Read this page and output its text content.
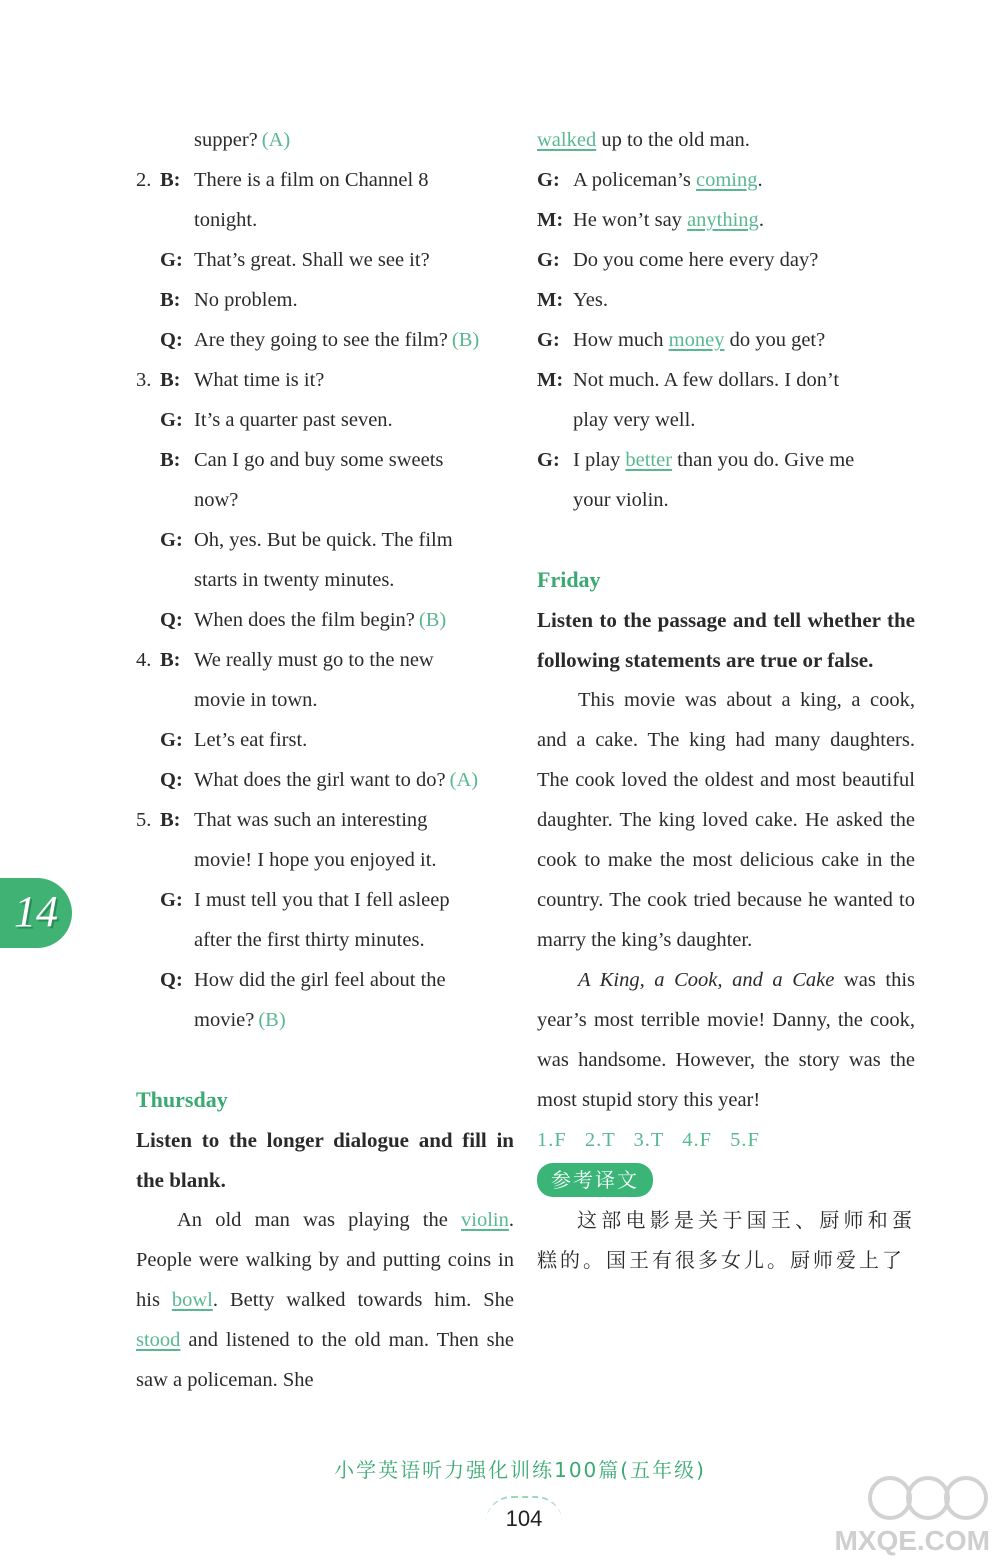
supper? (A)
2. B: There is a film on Channel 8
tonight.
G: That’s great. Shall we see it?
B: No problem.
Q: Are they going to see the film? (B)
3. B: What time is it?
G: It’s a quarter past seven.
B: Can I go and buy some sweets
now?
G: Oh, yes. But be quick. The film
starts in twenty minutes.
Q: When does the film begin? (B)
4. B: We really must go to the new
movie in town.
G: Let’s eat first.
Q: What does the girl want to do? (A)
5. B: That was such an interesting
movie! I hope you enjoyed it.
G: I must tell you that I fell asleep
after the first thirty minutes.
Q: How did the girl feel about the
movie? (B)
Thursday
Listen to the longer dialogue and fill in the blank.
An old man was playing the violin. People were walking by and putting coins in his bowl. Betty walked towards him. She stood and listened to the old man. Then she saw a policeman. She
walked up to the old man.
G: A policeman’s coming.
M: He won’t say anything.
G: Do you come here every day?
M: Yes.
G: How much money do you get?
M: Not much. A few dollars. I don’t
play very well.
G: I play better than you do. Give me
your violin.
Friday
Listen to the passage and tell whether the following statements are true or false.
This movie was about a king, a cook, and a cake. The king had many daughters. The cook loved the oldest and most beautiful daughter. The king loved cake. He asked the cook to make the most delicious cake in the country. The cook tried because he wanted to marry the king’s daughter.
A King, a Cook, and a Cake was this year’s most terrible movie! Danny, the cook, was handsome. However, the story was the most stupid story this year!
1.F 2.T 3.T 4.F 5.F
参考译文
这部电影是关于国王、厨师和蛋糕的。国王有很多女儿。厨师爱上了
14
小学英语听力强化训练100篇(五年级)
104
MXQE.COM
